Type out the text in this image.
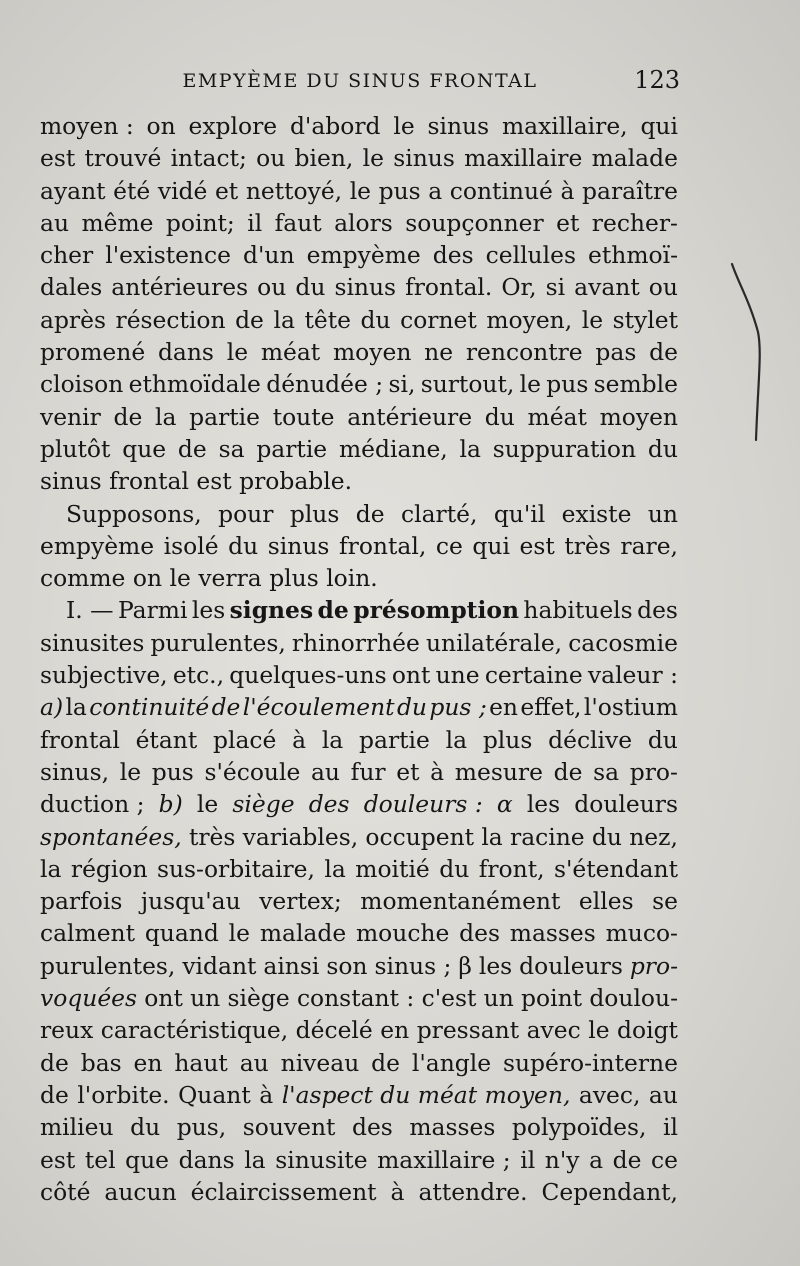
EMPYÈME DU SINUS FRONTAL	123
moyen : on explore d'abord le sinus maxillaire, qui
est trouvé intact; ou bien, le sinus maxillaire malade
ayant été vidé et nettoyé, le pus a continué à paraître
au même point; il faut alors soupçonner et recher-
cher l'existence d'un empyème des cellules ethmoï-
dales antérieures ou du sinus frontal. Or, si avant ou
après résection de la tête du cornet moyen, le stylet
promené dans le méat moyen ne rencontre pas de
cloison ethmoïdale dénudée ; si, surtout, le pus semble
venir de la partie toute antérieure du méat moyen
plutôt que de sa partie médiane, la suppuration du
sinus frontal est probable.
Supposons, pour plus de clarté, qu'il existe un
empyème isolé du sinus frontal, ce qui est très rare,
comme on le verra plus loin.
I. — Parmi les signes de présomption habituels des
sinusites purulentes, rhinorrhée unilatérale, cacosmie
subjective, etc., quelques-uns ont une certaine valeur :
a) la continuité de l'écoulement du pus ; en effet, l'ostium
frontal étant placé à la partie la plus déclive du
sinus, le pus s'écoule au fur et à mesure de sa pro-
duction ; b) le siège des douleurs : α les douleurs
spontanées, très variables, occupent la racine du nez,
la région sus-orbitaire, la moitié du front, s'étendant
parfois jusqu'au vertex; momentanément elles se
calment quand le malade mouche des masses muco-
purulentes, vidant ainsi son sinus ; β les douleurs pro-
voquées ont un siège constant : c'est un point doulou-
reux caractéristique, décelé en pressant avec le doigt
de bas en haut au niveau de l'angle supéro-interne
de l'orbite. Quant à l'aspect du méat moyen, avec, au
milieu du pus, souvent des masses polypoïdes, il
est tel que dans la sinusite maxillaire ; il n'y a de ce
côté aucun éclaircissement à attendre. Cependant,
